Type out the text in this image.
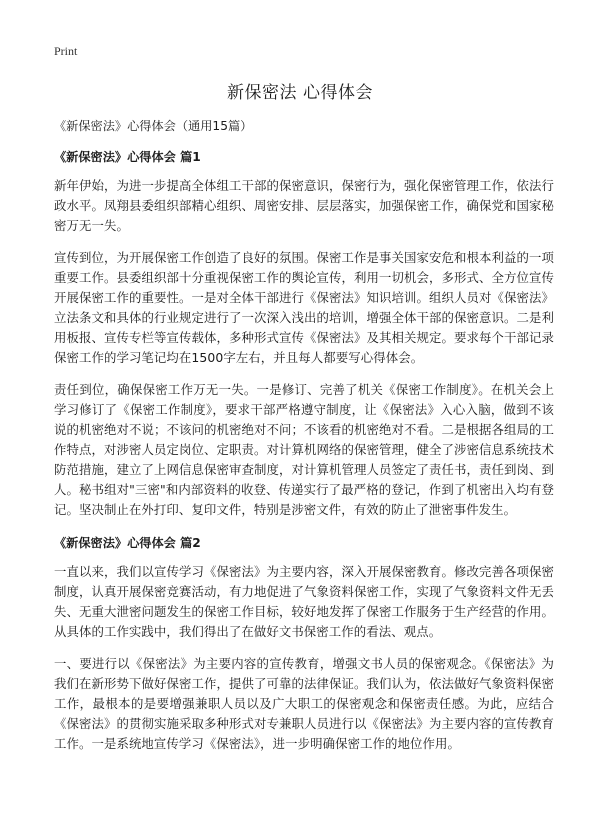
Print
新保密法 心得体会
《新保密法》心得体会（通用15篇）
《新保密法》心得体会 篇1

新年伊始，为进一步提高全体组工干部的保密意识，保密行为，强化保密管理工作，依法行政水平。凤翔县委组织部精心组织、周密安排、层层落实，加强保密工作，确保党和国家秘密万无一失。

宣传到位，为开展保密工作创造了良好的氛围。保密工作是事关国家安危和根本利益的一项重要工作。县委组织部十分重视保密工作的舆论宣传，利用一切机会，多形式、全方位宣传开展保密工作的重要性。一是对全体干部进行《保密法》知识培训。组织人员对《保密法》立法条文和具体的行业规定进行了一次深入浅出的培训，增强全体干部的保密意识。二是利用板报、宣传专栏等宣传载体，多种形式宣传《保密法》及其相关规定。要求每个干部记录保密工作的学习笔记均在1500字左右，并且每人都要写心得体会。

责任到位，确保保密工作万无一失。一是修订、完善了机关《保密工作制度》。在机关会上学习修订了《保密工作制度》，要求干部严格遵守制度，让《保密法》入心入脑，做到不该说的机密绝对不说；不该问的机密绝对不问；不该看的机密绝对不看。二是根据各组局的工作特点，对涉密人员定岗位、定职责。对计算机网络的保密管理，健全了涉密信息系统技术防范措施，建立了上网信息保密审查制度，对计算机管理人员签定了责任书，责任到岗、到人。秘书组对"三密"和内部资料的收登、传递实行了最严格的登记，作到了机密出入均有登记。坚决制止在外打印、复印文件，特别是涉密文件，有效的防止了泄密事件发生。

《新保密法》心得体会 篇2

一直以来，我们以宣传学习《保密法》为主要内容，深入开展保密教育。修改完善各项保密制度，认真开展保密竞赛活动，有力地促进了气象资料保密工作，实现了气象资料文件无丢失、无重大泄密问题发生的保密工作目标，较好地发挥了保密工作服务于生产经营的作用。从具体的工作实践中，我们得出了在做好文书保密工作的看法、观点。

一、要进行以《保密法》为主要内容的宣传教育，增强文书人员的保密观念。《保密法》为我们在新形势下做好保密工作，提供了可靠的法律保证。我们认为，依法做好气象资料保密工作，最根本的是要增强兼职人员以及广大职工的保密观念和保密责任感。为此，应结合《保密法》的贯彻实施采取多种形式对专兼职人员进行以《保密法》为主要内容的宣传教育工作。一是系统地宣传学习《保密法》，进一步明确保密工作的地位作用。
